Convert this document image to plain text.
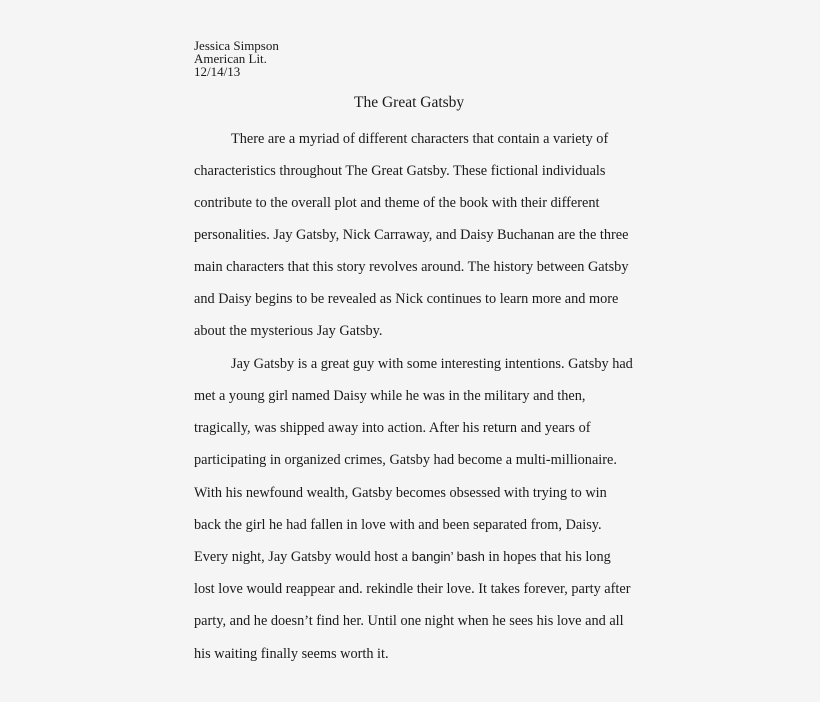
Jessica Simpson
American Lit.
12/14/13
The Great Gatsby
There are a myriad of different characters that contain a variety of
characteristics throughout The Great Gatsby. These fictional individuals
contribute to the overall plot and theme of the book with their different
personalities. Jay Gatsby, Nick Carraway, and Daisy Buchanan are the three
main characters that this story revolves around. The history between Gatsby
and Daisy begins to be revealed as Nick continues to learn more and more
about the mysterious Jay Gatsby.
Jay Gatsby is a great guy with some interesting intentions. Gatsby had
met a young girl named Daisy while he was in the military and then,
tragically, was shipped away into action. After his return and years of
participating in organized crimes, Gatsby had become a multi-millionaire.
With his newfound wealth, Gatsby becomes obsessed with trying to win
back the girl he had fallen in love with and been separated from, Daisy.
Every night, Jay Gatsby would host a bangin’ bash in hopes that his long
lost love would reappear and. rekindle their love. It takes forever, party after
party, and he doesn’t find her. Until one night when he sees his love and all
his waiting finally seems worth it.
